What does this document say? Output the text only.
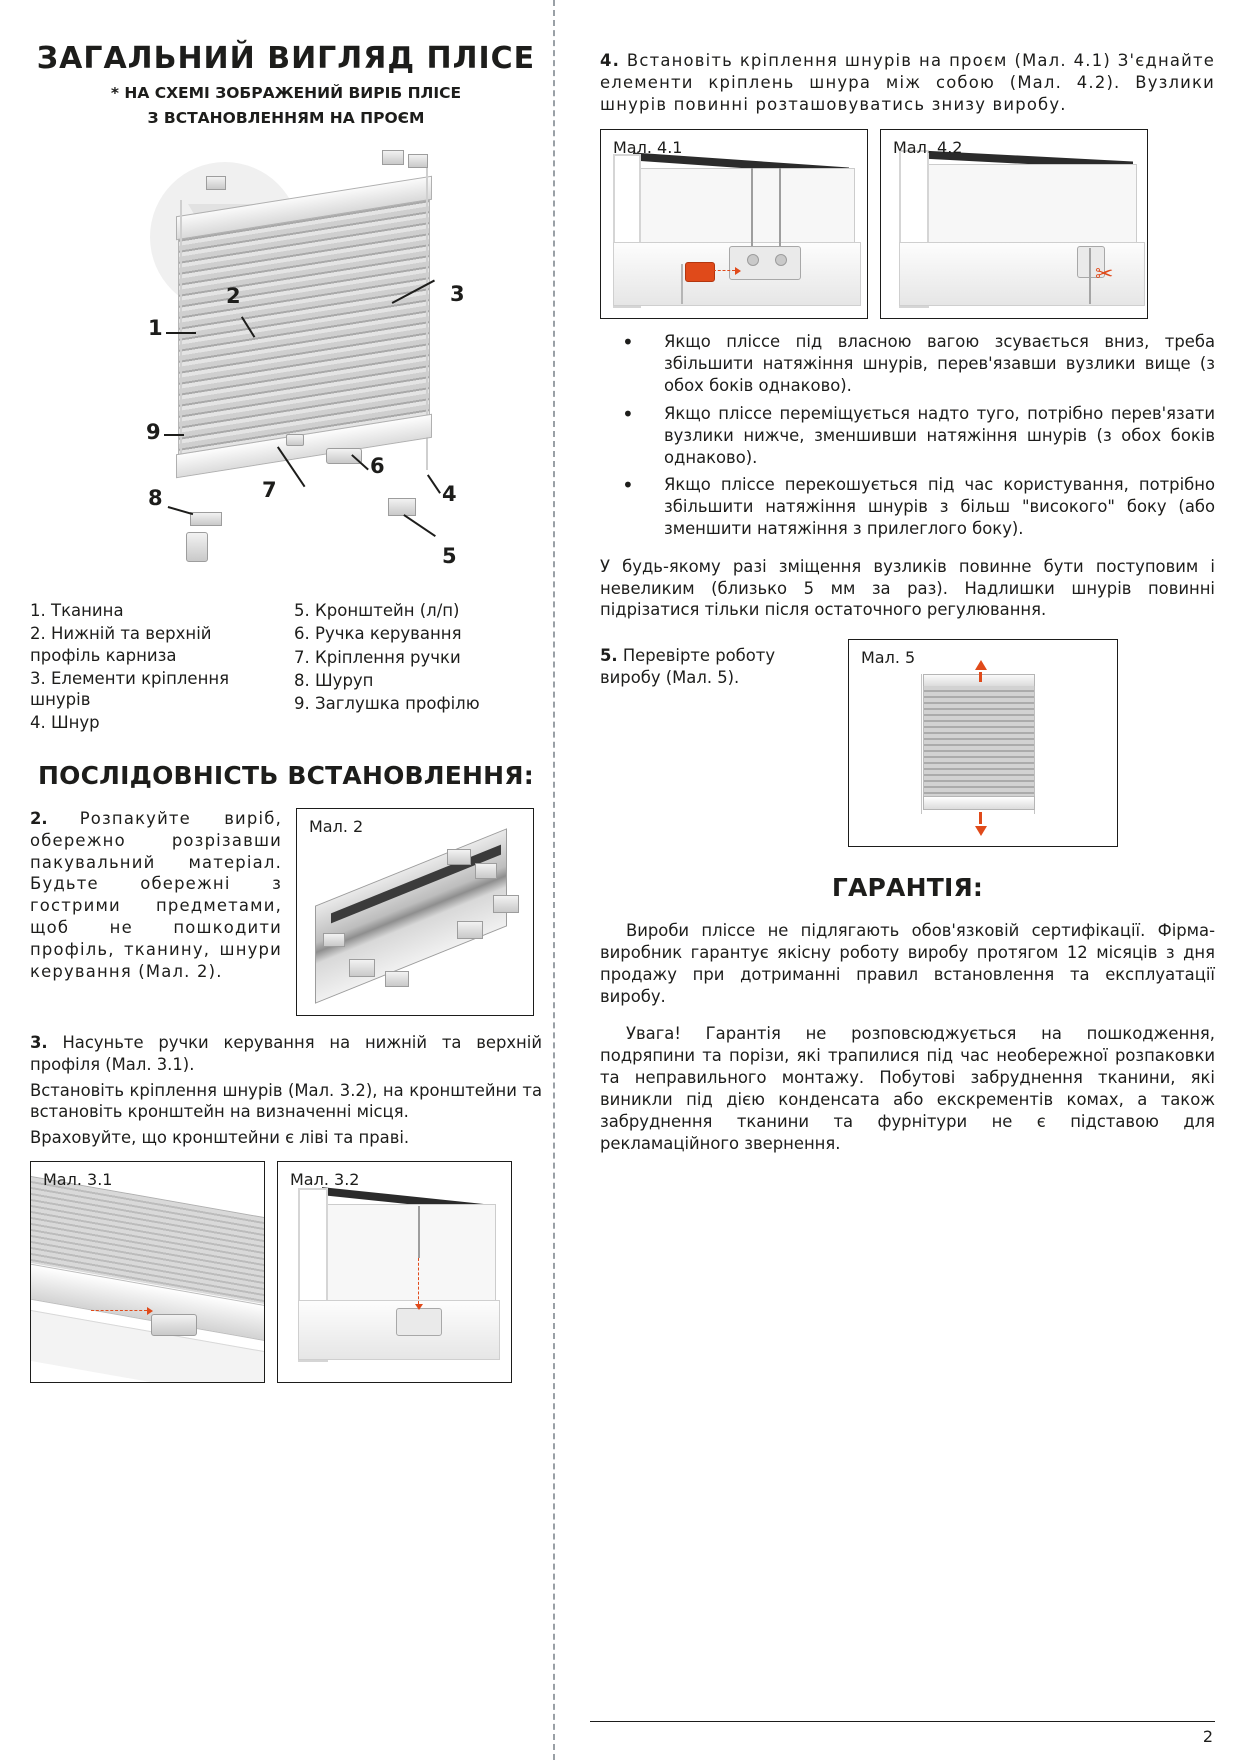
ЗАГАЛЬНИЙ ВИГЛЯД ПЛІСЕ
* НА СХЕМІ ЗОБРАЖЕНИЙ ВИРІБ ПЛІСЕ
З ВСТАНОВЛЕННЯМ НА ПРОЄМ
1
2	3
4
5
6
7
8
9
1. Тканина
2. Нижній та верхній профіль карниза
3. Елементи кріплення шнурів
4. Шнур
5. Кронштейн (л/п)
6. Ручка керування
7. Кріплення ручки
8. Шуруп
9. Заглушка профілю
ПОСЛІДОВНІСТЬ ВСТАНОВЛЕННЯ:

2. Розпакуйте виріб, обережно розрізавши пакувальний матеріал. Будьте обережні з гострими предметами, щоб не пошкодити профіль, тканину, шнури керування (Мал. 2).

Мал. 2

3. Насуньте ручки керування на нижній та верхній профіля (Мал. 3.1).

Встановіть кріплення шнурів (Мал. 3.2), на кронштейни та встановіть кронштейн на визначенні місця.

Враховуйте, що кронштейни є ліві та праві.

Мал. 3.1	Мал. 3.2

4. Встановіть кріплення шнурів на проєм (Мал. 4.1) З'єднайте елементи кріплень шнура між собою (Мал. 4.2). Вузлики шнурів повинні розташовуватись знизу виробу.

Мал. 4.1	Мал. 4.2
✂
• Якщо пліссе під власною вагою зсувається вниз, треба збільшити натяжіння шнурів, перев'язавши вузлики вище (з обох боків однаково).
• Якщо пліссе переміщується надто туго, потрібно перев'язати вузлики нижче, зменшивши натяжіння шнурів (з обох боків однаково).
• Якщо пліссе перекошується під час користування, потрібно збільшити натяжіння шнурів з більш "високого" боку (або зменшити натяжіння з прилеглого боку).

У будь-якому разі зміщення вузликів повинне бути поступовим і невеликим (близько 5 мм за раз). Надлишки шнурів повинні підрізатися тільки після остаточного регулювання.

5. Перевірте роботу виробу (Мал. 5).

Мал. 5
ГАРАНТІЯ:

Вироби пліссе не підлягають обов'язковій сертифікації. Фірма-виробник гарантує якісну роботу виробу протягом 12 місяців з дня продажу при дотриманні правил встановлення та експлуатації виробу.

Увага! Гарантія не розповсюджується на пошкодження, подряпини та порізи, які трапилися під час необережної розпаковки та неправильного монтажу. Побутові забруднення тканини, які виникли під дією конденсата або екскрементів комах, а також забруднення тканини та фурнітури не є підставою для рекламаційного звернення.

2
